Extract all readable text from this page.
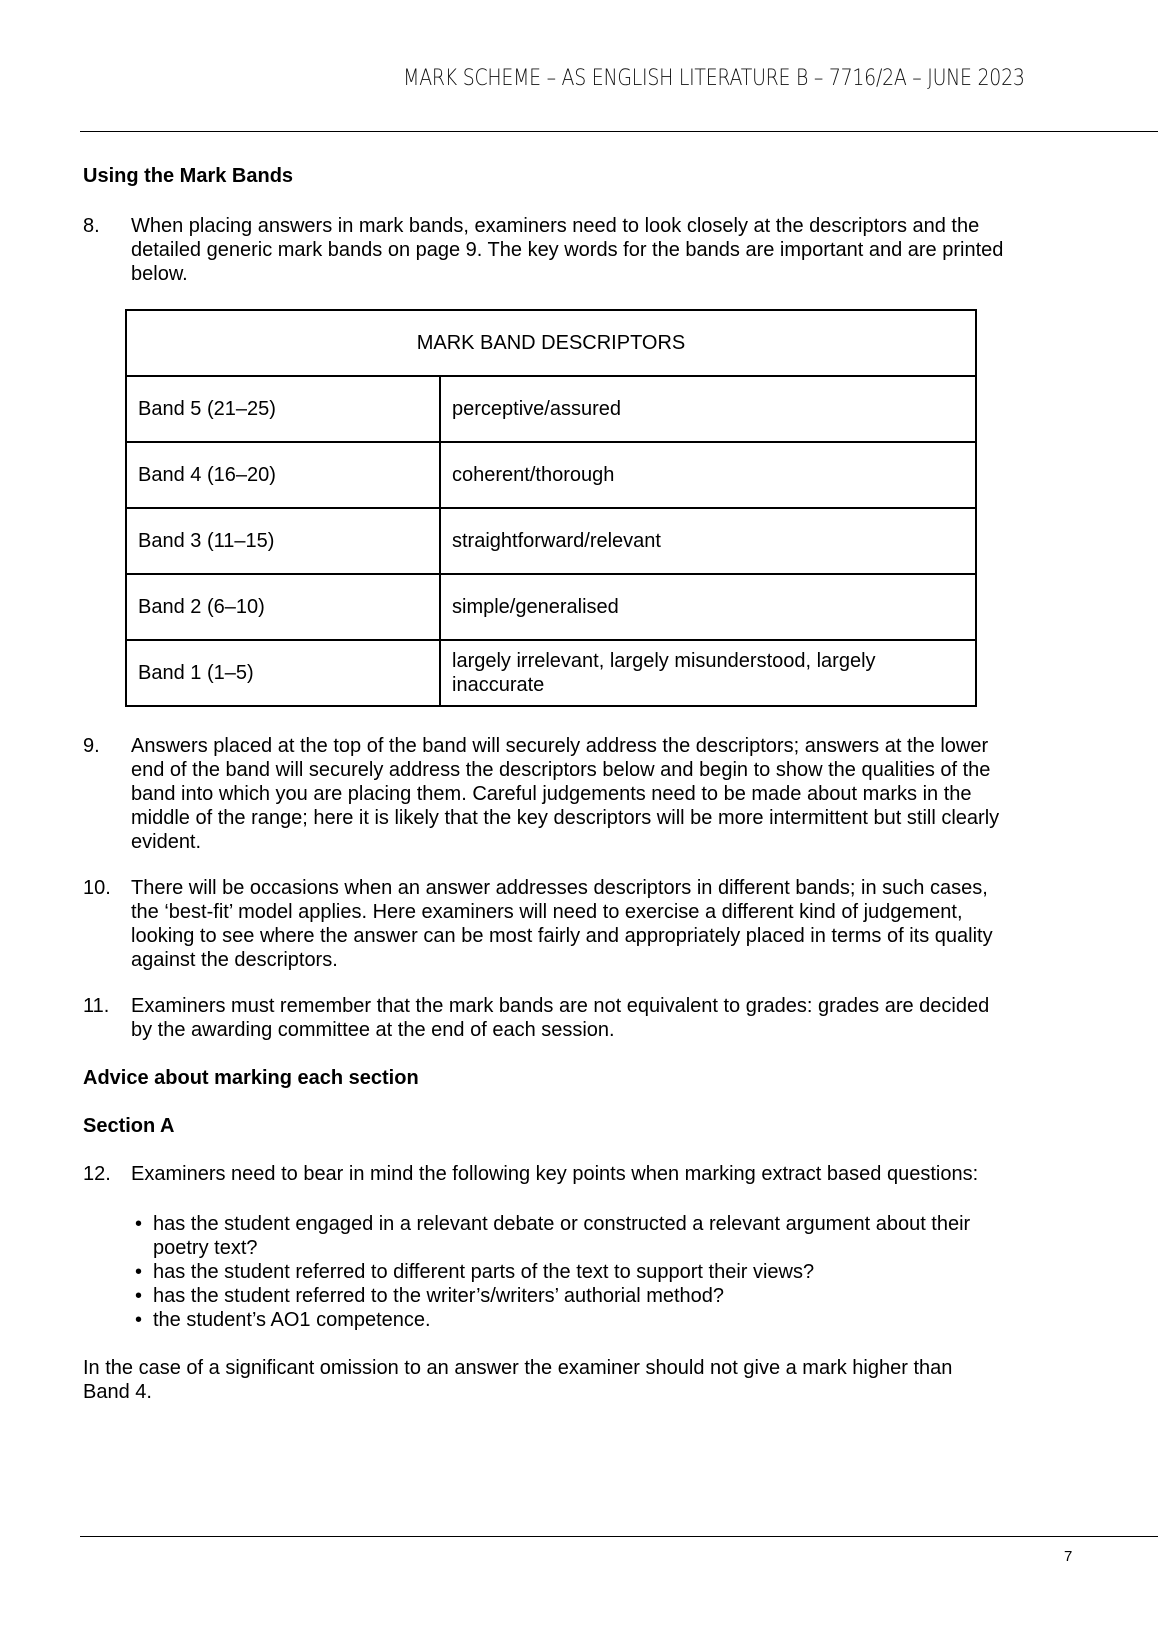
MARK SCHEME – AS ENGLISH LITERATURE B – 7716/2A – JUNE 2023

Using the Mark Bands

8.	When placing answers in mark bands, examiners need to look closely at the descriptors and the
detailed generic mark bands on page 9. The key words for the bands are important and are printed
below.
MARK BAND DESCRIPTORS	
Band 5 (21–25)	perceptive/assured
Band 4 (16–20)	coherent/thorough
Band 3 (11–15)	straightforward/relevant
Band 2 (6–10)	simple/generalised
Band 1 (1–5)	largely irrelevant, largely misunderstood, largely
inaccurate
9.	Answers placed at the top of the band will securely address the descriptors; answers at the lower
end of the band will securely address the descriptors below and begin to show the qualities of the
band into which you are placing them. Careful judgements need to be made about marks in the
middle of the range; here it is likely that the key descriptors will be more intermittent but still clearly
evident.
10.	There will be occasions when an answer addresses descriptors in different bands; in such cases,
the ‘best-fit’ model applies. Here examiners will need to exercise a different kind of judgement,
looking to see where the answer can be most fairly and appropriately placed in terms of its quality
against the descriptors.
11.	Examiners must remember that the mark bands are not equivalent to grades: grades are decided
by the awarding committee at the end of each session.

Advice about marking each section

Section A

12.	Examiners need to bear in mind the following key points when marking extract based questions:
• has the student engaged in a relevant debate or constructed a relevant argument about their
poetry text?
• has the student referred to different parts of the text to support their views?
• has the student referred to the writer’s/writers’ authorial method?
• the student’s AO1 competence.
In the case of a significant omission to an answer the examiner should not give a mark higher than
Band 4.
7
